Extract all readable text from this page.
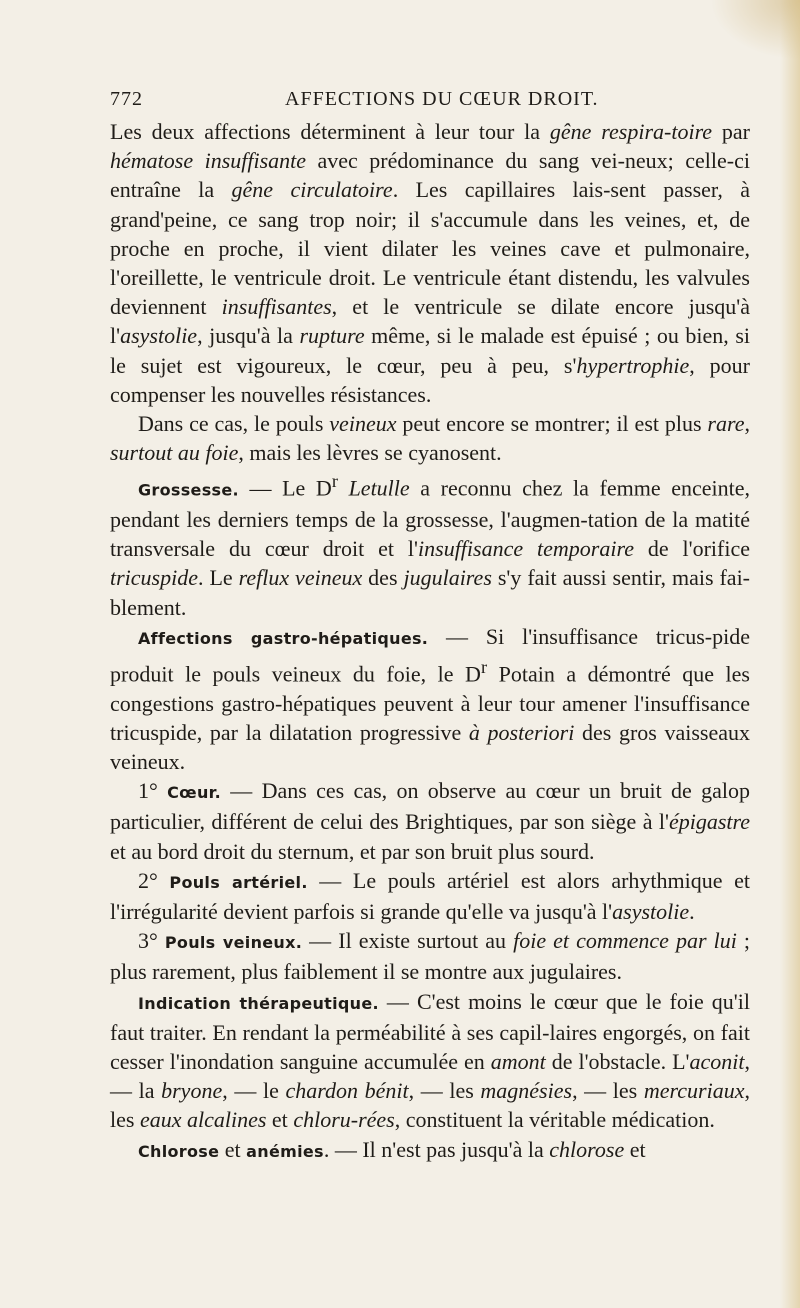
772	AFFECTIONS DU CŒUR DROIT.

Les deux affections déterminent à leur tour la gêne respira-toire par hématose insuffisante avec prédominance du sang vei-neux; celle-ci entraîne la gêne circulatoire. Les capillaires lais-sent passer, à grand'peine, ce sang trop noir; il s'accumule dans les veines, et, de proche en proche, il vient dilater les veines cave et pulmonaire, l'oreillette, le ventricule droit. Le ventricule étant distendu, les valvules deviennent insuffisantes, et le ventricule se dilate encore jusqu'à l'asystolie, jusqu'à la rupture même, si le malade est épuisé ; ou bien, si le sujet est vigoureux, le cœur, peu à peu, s'hypertrophie, pour compenser les nouvelles résistances.

Dans ce cas, le pouls veineux peut encore se montrer; il est plus rare, surtout au foie, mais les lèvres se cyanosent.

Grossesse. — Le $D^r$ Letulle a reconnu chez la femme enceinte, pendant les derniers temps de la grossesse, l'augmen-tation de la matité transversale du cœur droit et l'insuffisance temporaire de l'orifice tricuspide. Le reflux veineux des jugulaires s'y fait aussi sentir, mais fai-blement.

Affections gastro-hépatiques. — Si l'insuffisance tricus-pide produit le pouls veineux du foie, le $D^r$ Potain a démontré que les congestions gastro-hépatiques peuvent à leur tour amener l'insuffisance tricuspide, par la dilatation progressive à posteriori des gros vaisseaux veineux.

1° Cœur. — Dans ces cas, on observe au cœur un bruit de galop particulier, différent de celui des Brightiques, par son siège à l'épigastre et au bord droit du sternum, et par son bruit plus sourd.

2° Pouls artériel. — Le pouls artériel est alors arhythmique et l'irrégularité devient parfois si grande qu'elle va jusqu'à l'asystolie.

3° Pouls veineux. — Il existe surtout au foie et commence par lui ; plus rarement, plus faiblement il se montre aux jugulaires.

Indication thérapeutique. — C'est moins le cœur que le foie qu'il faut traiter. En rendant la perméabilité à ses capil-laires engorgés, on fait cesser l'inondation sanguine accumulée en amont de l'obstacle. L'aconit, — la bryone, — le chardon bénit, — les magnésies, — les mercuriaux, les eaux alcalines et chloru-rées, constituent la véritable médication.

Chlorose et anémies. — Il n'est pas jusqu'à la chlorose et
